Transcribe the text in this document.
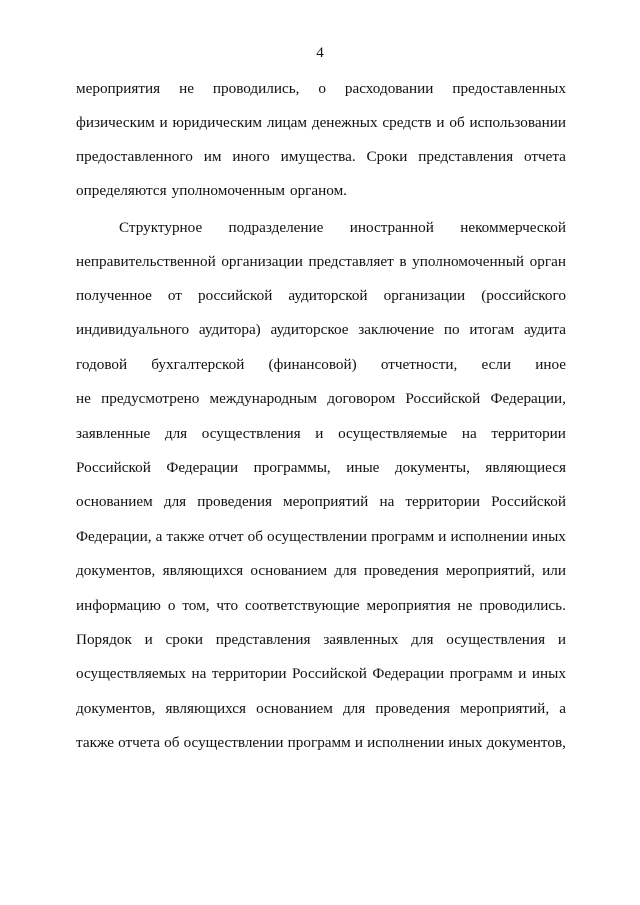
4
мероприятия не проводились, о расходовании предоставленных
физическим и юридическим лицам денежных средств и об использовании
предоставленного им иного имущества. Сроки представления отчета
определяются уполномоченным органом.
Структурное подразделение иностранной некоммерческой
неправительственной организации представляет в уполномоченный орган
полученное от российской аудиторской организации (российского
индивидуального аудитора) аудиторское заключение по итогам аудита
годовой бухгалтерской (финансовой) отчетности, если иное
не предусмотрено международным договором Российской Федерации,
заявленные для осуществления и осуществляемые на территории
Российской Федерации программы, иные документы, являющиеся
основанием для проведения мероприятий на территории Российской
Федерации, а также отчет об осуществлении программ и исполнении иных
документов, являющихся основанием для проведения мероприятий, или
информацию о том, что соответствующие мероприятия не проводились.
Порядок и сроки представления заявленных для осуществления и
осуществляемых на территории Российской Федерации программ и иных
документов, являющихся основанием для проведения мероприятий, а
также отчета об осуществлении программ и исполнении иных документов,
